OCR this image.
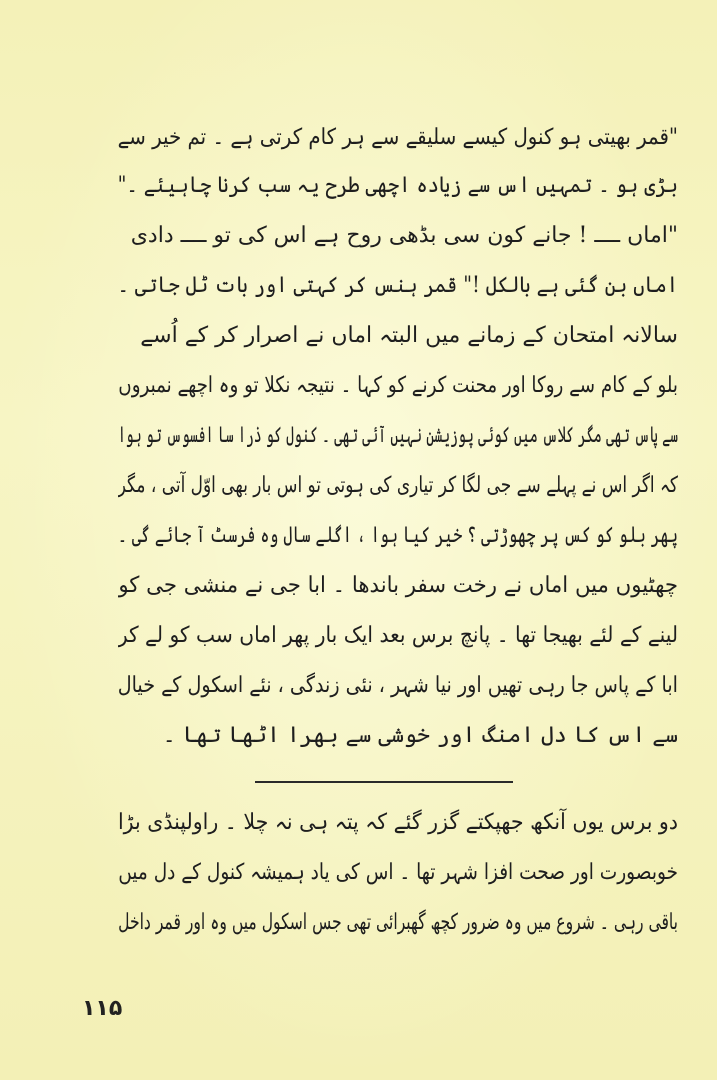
"قمر بھیتی ہو کنول کیسے سلیقے سے ہر کام کرتی ہے ۔ تم خیر سے
بڑی ہو ۔ تمہیں اس سے زیادہ اچھی طرح یہ سب کرنا چاہیئے ۔"
"اماں ــــ ! جانے کون سی بڈھی روح ہے اس کی تو ــــ دادی
اماں بن گئی ہے بالکل !" قمر ہنس کر کہتی اور بات ٹل جاتی ۔
سالانہ امتحان کے زمانے میں البتہ اماں نے اصرار کر کے اُسے
بلو کے کام سے روکا اور محنت کرنے کو کہا ۔ نتیجہ نکلا تو وہ اچھے نمبروں
سے پاس تھی مگر کلاس میں کوئی پوزیشن نہیں آئی تھی ۔ کنول کو ذرا سا افسوس تو ہوا
کہ اگر اس نے پہلے سے جی لگا کر تیاری کی ہوتی تو اس بار بھی اوّل آتی ، مگر
پھر بلو کو کس پر چھوڑتی ؟ خیر کیا ہوا ، اگلے سال وہ فرسٹ آ جائے گی ۔
چھٹیوں میں اماں نے رخت سفر باندھا ۔ ابا جی نے منشی جی کو
لینے کے لئے بھیجا تھا ۔ پانچ برس بعد ایک بار پھر اماں سب کو لے کر
ابا کے پاس جا رہی تھیں اور نیا شہر ، نئی زندگی ، نئے اسکول کے خیال
سے اس کا دل امنگ اور خوشی سے بھرا اٹھا تھا ۔
دو برس یوں آنکھ جھپکتے گزر گئے کہ پتہ ہی نہ چلا ۔ راولپنڈی بڑا
خوبصورت اور صحت افزا شہر تھا ۔ اس کی یاد ہمیشہ کنول کے دل میں
باقی رہی ۔ شروع میں وہ ضرور کچھ گھبرائی تھی جس اسکول میں وہ اور قمر داخل
۱۱۵
